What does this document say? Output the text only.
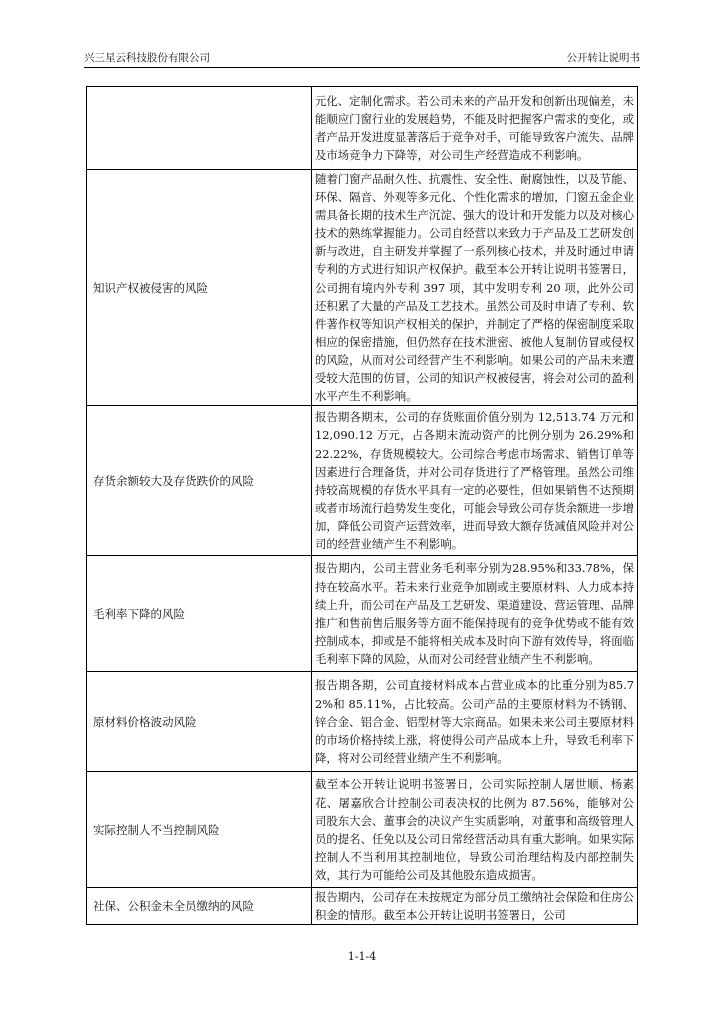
兴三星云科技股份有限公司	公开转让说明书

	元化、定制化需求。若公司未来的产品开发和创新出现偏差，未能顺应门窗行业的发展趋势，不能及时把握客户需求的变化，或者产品开发进度显著落后于竞争对手，可能导致客户流失、品牌及市场竞争力下降等，对公司生产经营造成不利影响。

知识产权被侵害的风险	随着门窗产品耐久性、抗震性、安全性、耐腐蚀性，以及节能、环保、隔音、外观等多元化、个性化需求的增加，门窗五金企业需具备长期的技术生产沉淀、强大的设计和开发能力以及对核心技术的熟练掌握能力。公司自经营以来致力于产品及工艺研发创新与改进，自主研发并掌握了一系列核心技术，并及时通过申请专利的方式进行知识产权保护。截至本公开转让说明书签署日，公司拥有境内外专利 397 项，其中发明专利 20 项，此外公司还积累了大量的产品及工艺技术。虽然公司及时申请了专利、软件著作权等知识产权相关的保护，并制定了严格的保密制度采取相应的保密措施，但仍然存在技术泄密、被他人复制仿冒或侵权的风险，从而对公司经营产生不利影响。如果公司的产品未来遭受较大范围的仿冒，公司的知识产权被侵害，将会对公司的盈利水平产生不利影响。

存货余额较大及存货跌价的风险	报告期各期末，公司的存货账面价值分别为 12,513.74 万元和 12,090.12 万元，占各期末流动资产的比例分别为 26.29%和 22.22%，存货规模较大。公司综合考虑市场需求、销售订单等因素进行合理备货，并对公司存货进行了严格管理。虽然公司维持较高规模的存货水平具有一定的必要性，但如果销售不达预期或者市场流行趋势发生变化，可能会导致公司存货余额进一步增加，降低公司资产运营效率，进而导致大额存货减值风险并对公司的经营业绩产生不利影响。

毛利率下降的风险	报告期内，公司主营业务毛利率分别为28.95%和33.78%，保持在较高水平。若未来行业竞争加剧或主要原材料、人力成本持续上升，而公司在产品及工艺研发、渠道建设、营运管理、品牌推广和售前售后服务等方面不能保持现有的竞争优势或不能有效控制成本，抑或是不能将相关成本及时向下游有效传导，将面临毛利率下降的风险，从而对公司经营业绩产生不利影响。

原材料价格波动风险	报告期各期，公司直接材料成本占营业成本的比重分别为85.72%和 85.11%，占比较高。公司产品的主要原材料为不锈钢、锌合金、铝合金、铝型材等大宗商品。如果未来公司主要原材料的市场价格持续上涨，将使得公司产品成本上升，导致毛利率下降，将对公司经营业绩产生不利影响。

实际控制人不当控制风险	截至本公开转让说明书签署日，公司实际控制人屠世顺、杨素花、屠嘉欣合计控制公司表决权的比例为 87.56%，能够对公司股东大会、董事会的决议产生实质影响，对董事和高级管理人员的提名、任免以及公司日常经营活动具有重大影响。如果实际控制人不当利用其控制地位，导致公司治理结构及内部控制失效，其行为可能给公司及其他股东造成损害。

社保、公积金未全员缴纳的风险	报告期内，公司存在未按规定为部分员工缴纳社会保险和住房公积金的情形。截至本公开转让说明书签署日，公司

1-1-4
